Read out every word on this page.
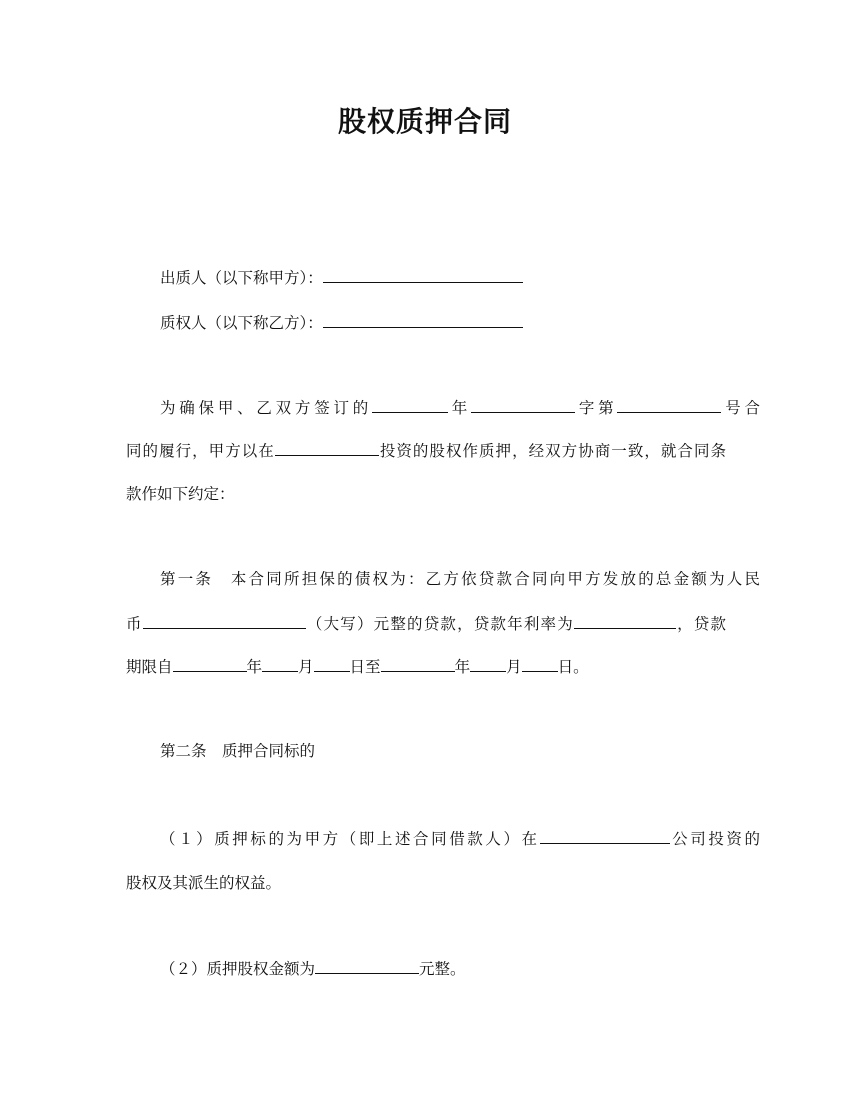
股权质押合同
出质人（以下称甲方）：
质权人（以下称乙方）：
为确保甲、乙双方签订的	年	字第	号合
同的履行，甲方以在	投资的股权作质押，经双方协商一致，就合同条
款作如下约定：
第一条　本合同所担保的债权为：乙方依贷款合同向甲方发放的总金额为人民
币	（大写）元整的贷款，贷款年利率为	，贷款
期限自	年 月 日至	年 月 日。
第二条　质押合同标的
（１）质押标的为甲方（即上述合同借款人）在	公司投资的
股权及其派生的权益。
（２）质押股权金额为	元整。
